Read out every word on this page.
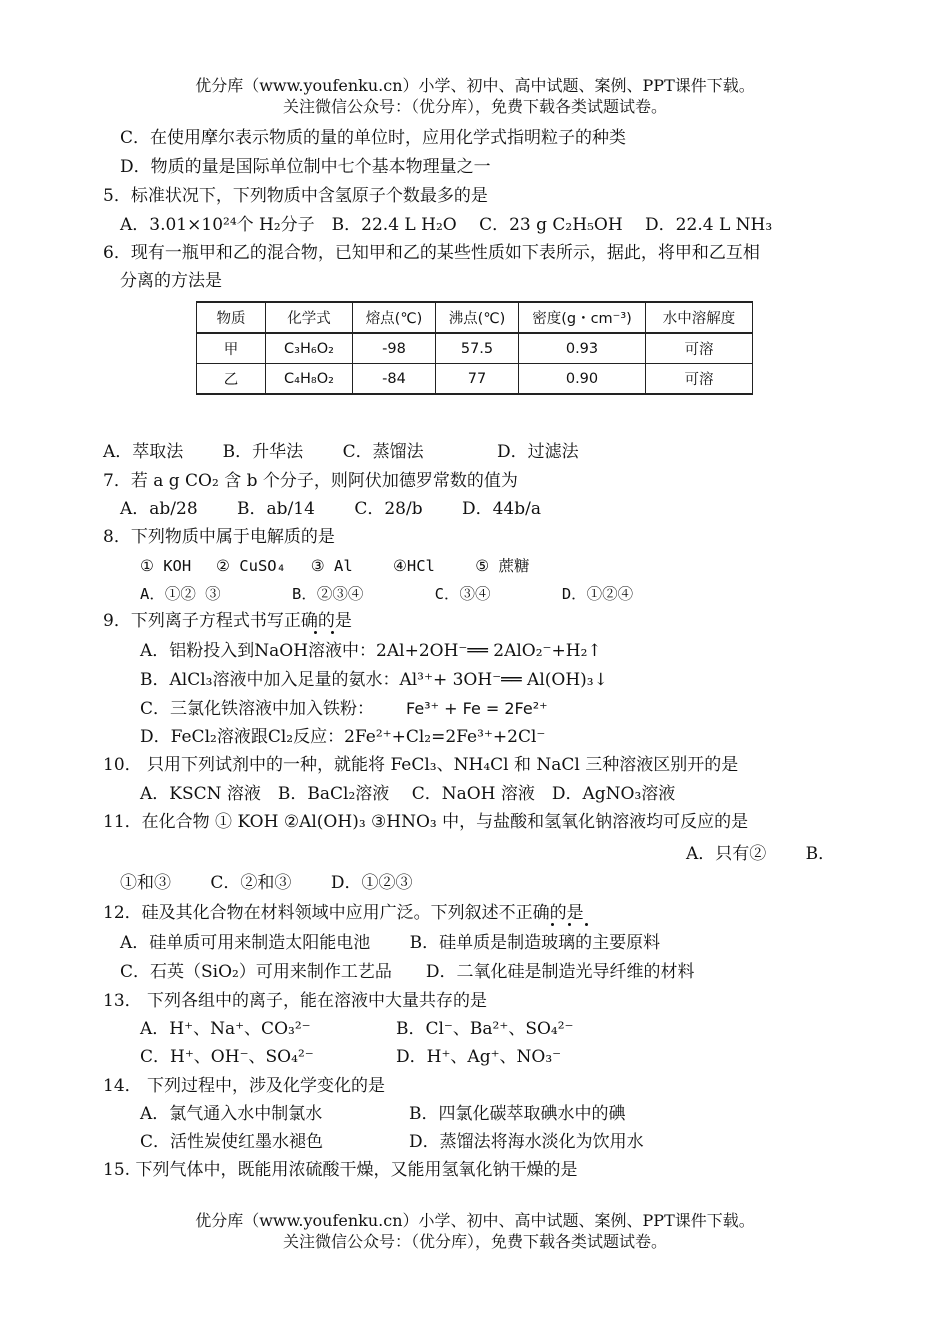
优分库（www.youfenku.cn）小学、初中、高中试题、案例、PPT课件下载。
关注微信公众号：（优分库），免费下载各类试题试卷。
C．在使用摩尔表示物质的量的单位时，应用化学式指明粒子的种类
D．物质的量是国际单位制中七个基本物理量之一
5．标准状况下，下列物质中含氢原子个数最多的是
A．3.01×10²⁴个 H₂分子　B．22.4 L H₂O　 C．23 g C₂H₅OH　 D．22.4 L NH₃
6．现有一瓶甲和乙的混合物，已知甲和乙的某些性质如下表所示，据此，将甲和乙互相
分离的方法是
物质	化学式	熔点(℃)	沸点(℃)	密度(g・cm⁻³)	水中溶解度
甲	C₃H₆O₂	-98	57.5	0.93	可溶
乙	C₄H₈O₂	-84	77	0.90	可溶
A．萃取法　　 B．升华法　　 C．蒸馏法　　　　 D．过滤法
7．若 a g CO₂ 含 b 个分子，则阿伏加德罗常数的值为
A．ab/28　　 B．ab/14　　 C．28/b　　 D．44b/a
8．下列物质中属于电解质的是
① KOH　 ② CuSO₄　 ③ Al　　 ④HCl　　 ⑤ 蔗糖
A．①② ③　　　　 B．②③④　　　　 C．③④　　　　 D．①②④
9．下列离子方程式书写正确的是
A．铝粉投入到NaOH溶液中：2Al+2OH⁻══ 2AlO₂⁻+H₂↑
B．AlCl₃溶液中加入足量的氨水：Al³⁺+ 3OH⁻══ Al(OH)₃↓
C．三氯化铁溶液中加入铁粉： Fe³⁺ + Fe = 2Fe²⁺
D．FeCl₂溶液跟Cl₂反应：2Fe²⁺+Cl₂=2Fe³⁺+2Cl⁻
10． 只用下列试剂中的一种，就能将 FeCl₃、NH₄Cl 和 NaCl 三种溶液区别开的是
A．KSCN 溶液　B．BaCl₂溶液　 C．NaOH 溶液　D．AgNO₃溶液
11．在化合物 ① KOH ②Al(OH)₃ ③HNO₃ 中，与盐酸和氢氧化钠溶液均可反应的是
A．只有②　　 B．
①和③　　 C．②和③　　 D．①②③
12．硅及其化合物在材料领域中应用广泛。下列叙述不正确的是
A．硅单质可用来制造太阳能电池　　 B．硅单质是制造玻璃的主要原料
C．石英（SiO₂）可用来制作工艺品　　D．二氧化硅是制造光导纤维的材料
13． 下列各组中的离子，能在溶液中大量共存的是
A．H⁺、Na⁺、CO₃²⁻	B．Cl⁻、Ba²⁺、SO₄²⁻
C．H⁺、OH⁻、SO₄²⁻	D．H⁺、Ag⁺、NO₃⁻
14． 下列过程中，涉及化学变化的是
A．氯气通入水中制氯水	B．四氯化碳萃取碘水中的碘
C．活性炭使红墨水褪色	D．蒸馏法将海水淡化为饮用水
15. 下列气体中，既能用浓硫酸干燥，又能用氢氧化钠干燥的是
优分库（www.youfenku.cn）小学、初中、高中试题、案例、PPT课件下载。
关注微信公众号：（优分库），免费下载各类试题试卷。
